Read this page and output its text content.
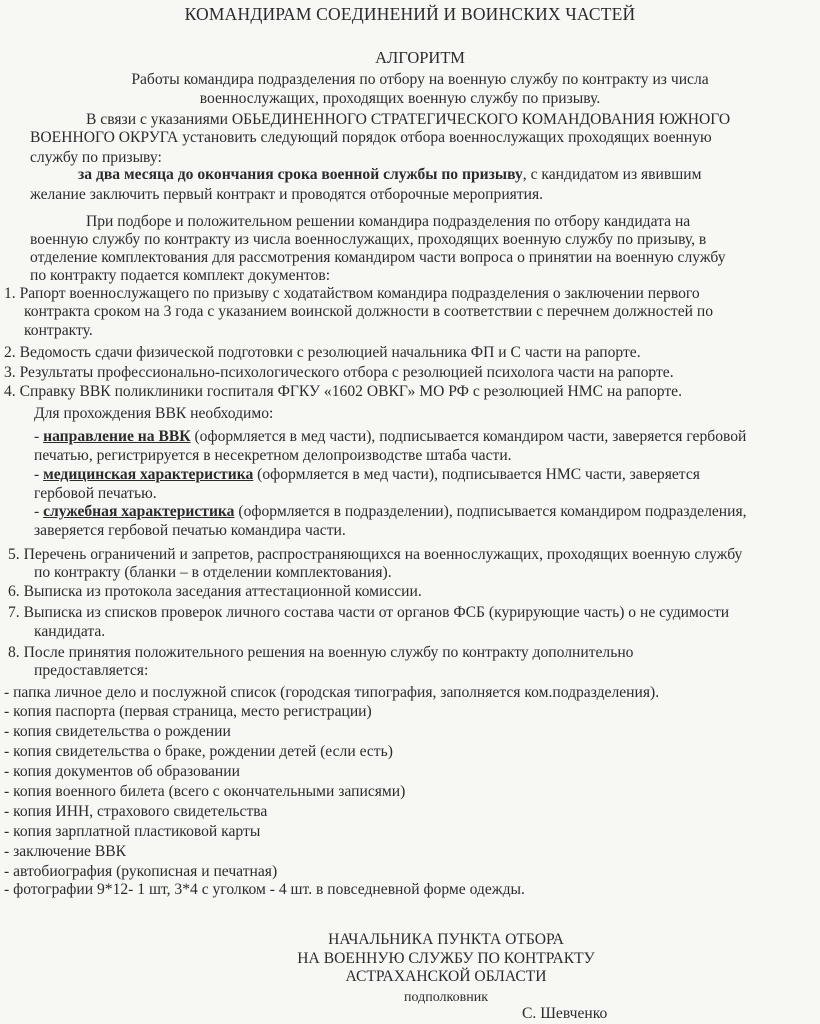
КОМАНДИРАМ СОЕДИНЕНИЙ И ВОИНСКИХ ЧАСТЕЙ
АЛГОРИТМ
Работы командира подразделения по отбору на военную службу по контракту из числа
военнослужащих, проходящих военную службу по призыву.
В связи с указаниями ОБЬЕДИНЕННОГО СТРАТЕГИЧЕСКОГО КОМАНДОВАНИЯ ЮЖНОГО
ВОЕННОГО ОКРУГА установить следующий порядок отбора военнослужащих проходящих военную
службу по призыву:
за два месяца до окончания срока военной службы по призыву, с кандидатом из явившим
желание заключить первый контракт и проводятся отборочные мероприятия.
При подборе и положительном решении командира подразделения по отбору кандидата на
военную службу по контракту из числа военнослужащих, проходящих военную службу по призыву, в
отделение комплектования для рассмотрения командиром части вопроса о принятии на военную службу
по контракту подается комплект документов:
1. Рапорт военнослужащего по призыву с ходатайством командира подразделения о заключении первого
контракта сроком на 3 года с указанием воинской должности в соответствии с перечнем должностей по
контракту.
2. Ведомость сдачи физической подготовки с резолюцией начальника ФП и С части на рапорте.
3. Результаты профессионально-психологического отбора с резолюцией психолога части на рапорте.
4. Справку ВВК поликлиники госпиталя ФГКУ «1602 ОВКГ» МО РФ с резолюцией НМС на рапорте.
Для прохождения ВВК необходимо:
- направление на ВВК (оформляется в мед части), подписывается командиром части, заверяется гербовой
печатью, регистрируется в несекретном делопроизводстве штаба части.
- медицинская характеристика (оформляется в мед части), подписывается НМС части, заверяется
гербовой печатью.
- служебная характеристика (оформляется в подразделении), подписывается командиром подразделения,
заверяется гербовой печатью командира части.
5. Перечень ограничений и запретов, распространяющихся на военнослужащих, проходящих военную службу
по контракту (бланки – в отделении комплектования).
6. Выписка из протокола заседания аттестационной комиссии.
7. Выписка из списков проверок личного состава части от органов ФСБ (курирующие часть) о не судимости
кандидата.
8. После принятия положительного решения на военную службу по контракту дополнительно
предоставляется:
- папка личное дело и послужной список (городская типография, заполняется ком.подразделения).
- копия паспорта (первая страница, место регистрации)
- копия свидетельства о рождении
- копия свидетельства о браке, рождении детей (если есть)
- копия документов об образовании
- копия военного билета (всего с окончательными записями)
- копия ИНН, страхового свидетельства
- копия зарплатной пластиковой карты
- заключение ВВК
- автобиография (рукописная и печатная)
- фотографии 9*12- 1 шт, 3*4 с уголком - 4 шт. в повседневной форме одежды.
НАЧАЛЬНИКА ПУНКТА ОТБОРА
НА ВОЕННУЮ СЛУЖБУ ПО КОНТРАКТУ
АСТРАХАНСКОЙ ОБЛАСТИ
подполковник
С. Шевченко
